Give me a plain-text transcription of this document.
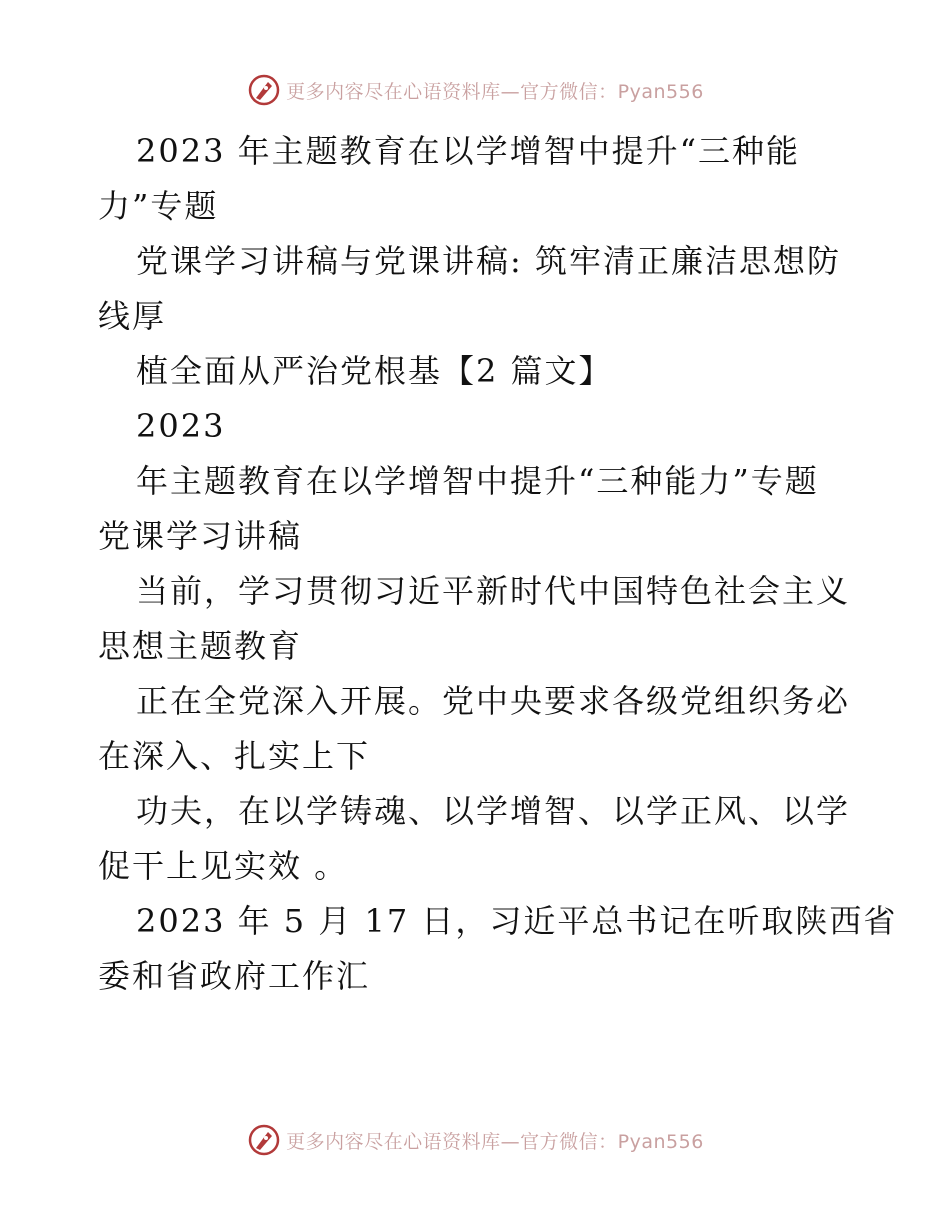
更多内容尽在心语资料库—官方微信：Pyan556
2023 年主题教育在以学增智中提升“三种能
力”专题
党课学习讲稿与党课讲稿: 筑牢清正廉洁思想防
线厚
植全面从严治党根基【2 篇文】
2023
年主题教育在以学增智中提升“三种能力”专题
党课学习讲稿
当前，学习贯彻习近平新时代中国特色社会主义
思想主题教育
正在全党深入开展。党中央要求各级党组织务必
在深入、扎实上下
功夫，在以学铸魂、以学增智、以学正风、以学
促干上见实效 。
2023 年 5 月 17 日，习近平总书记在听取陕西省
委和省政府工作汇
更多内容尽在心语资料库—官方微信：Pyan556
